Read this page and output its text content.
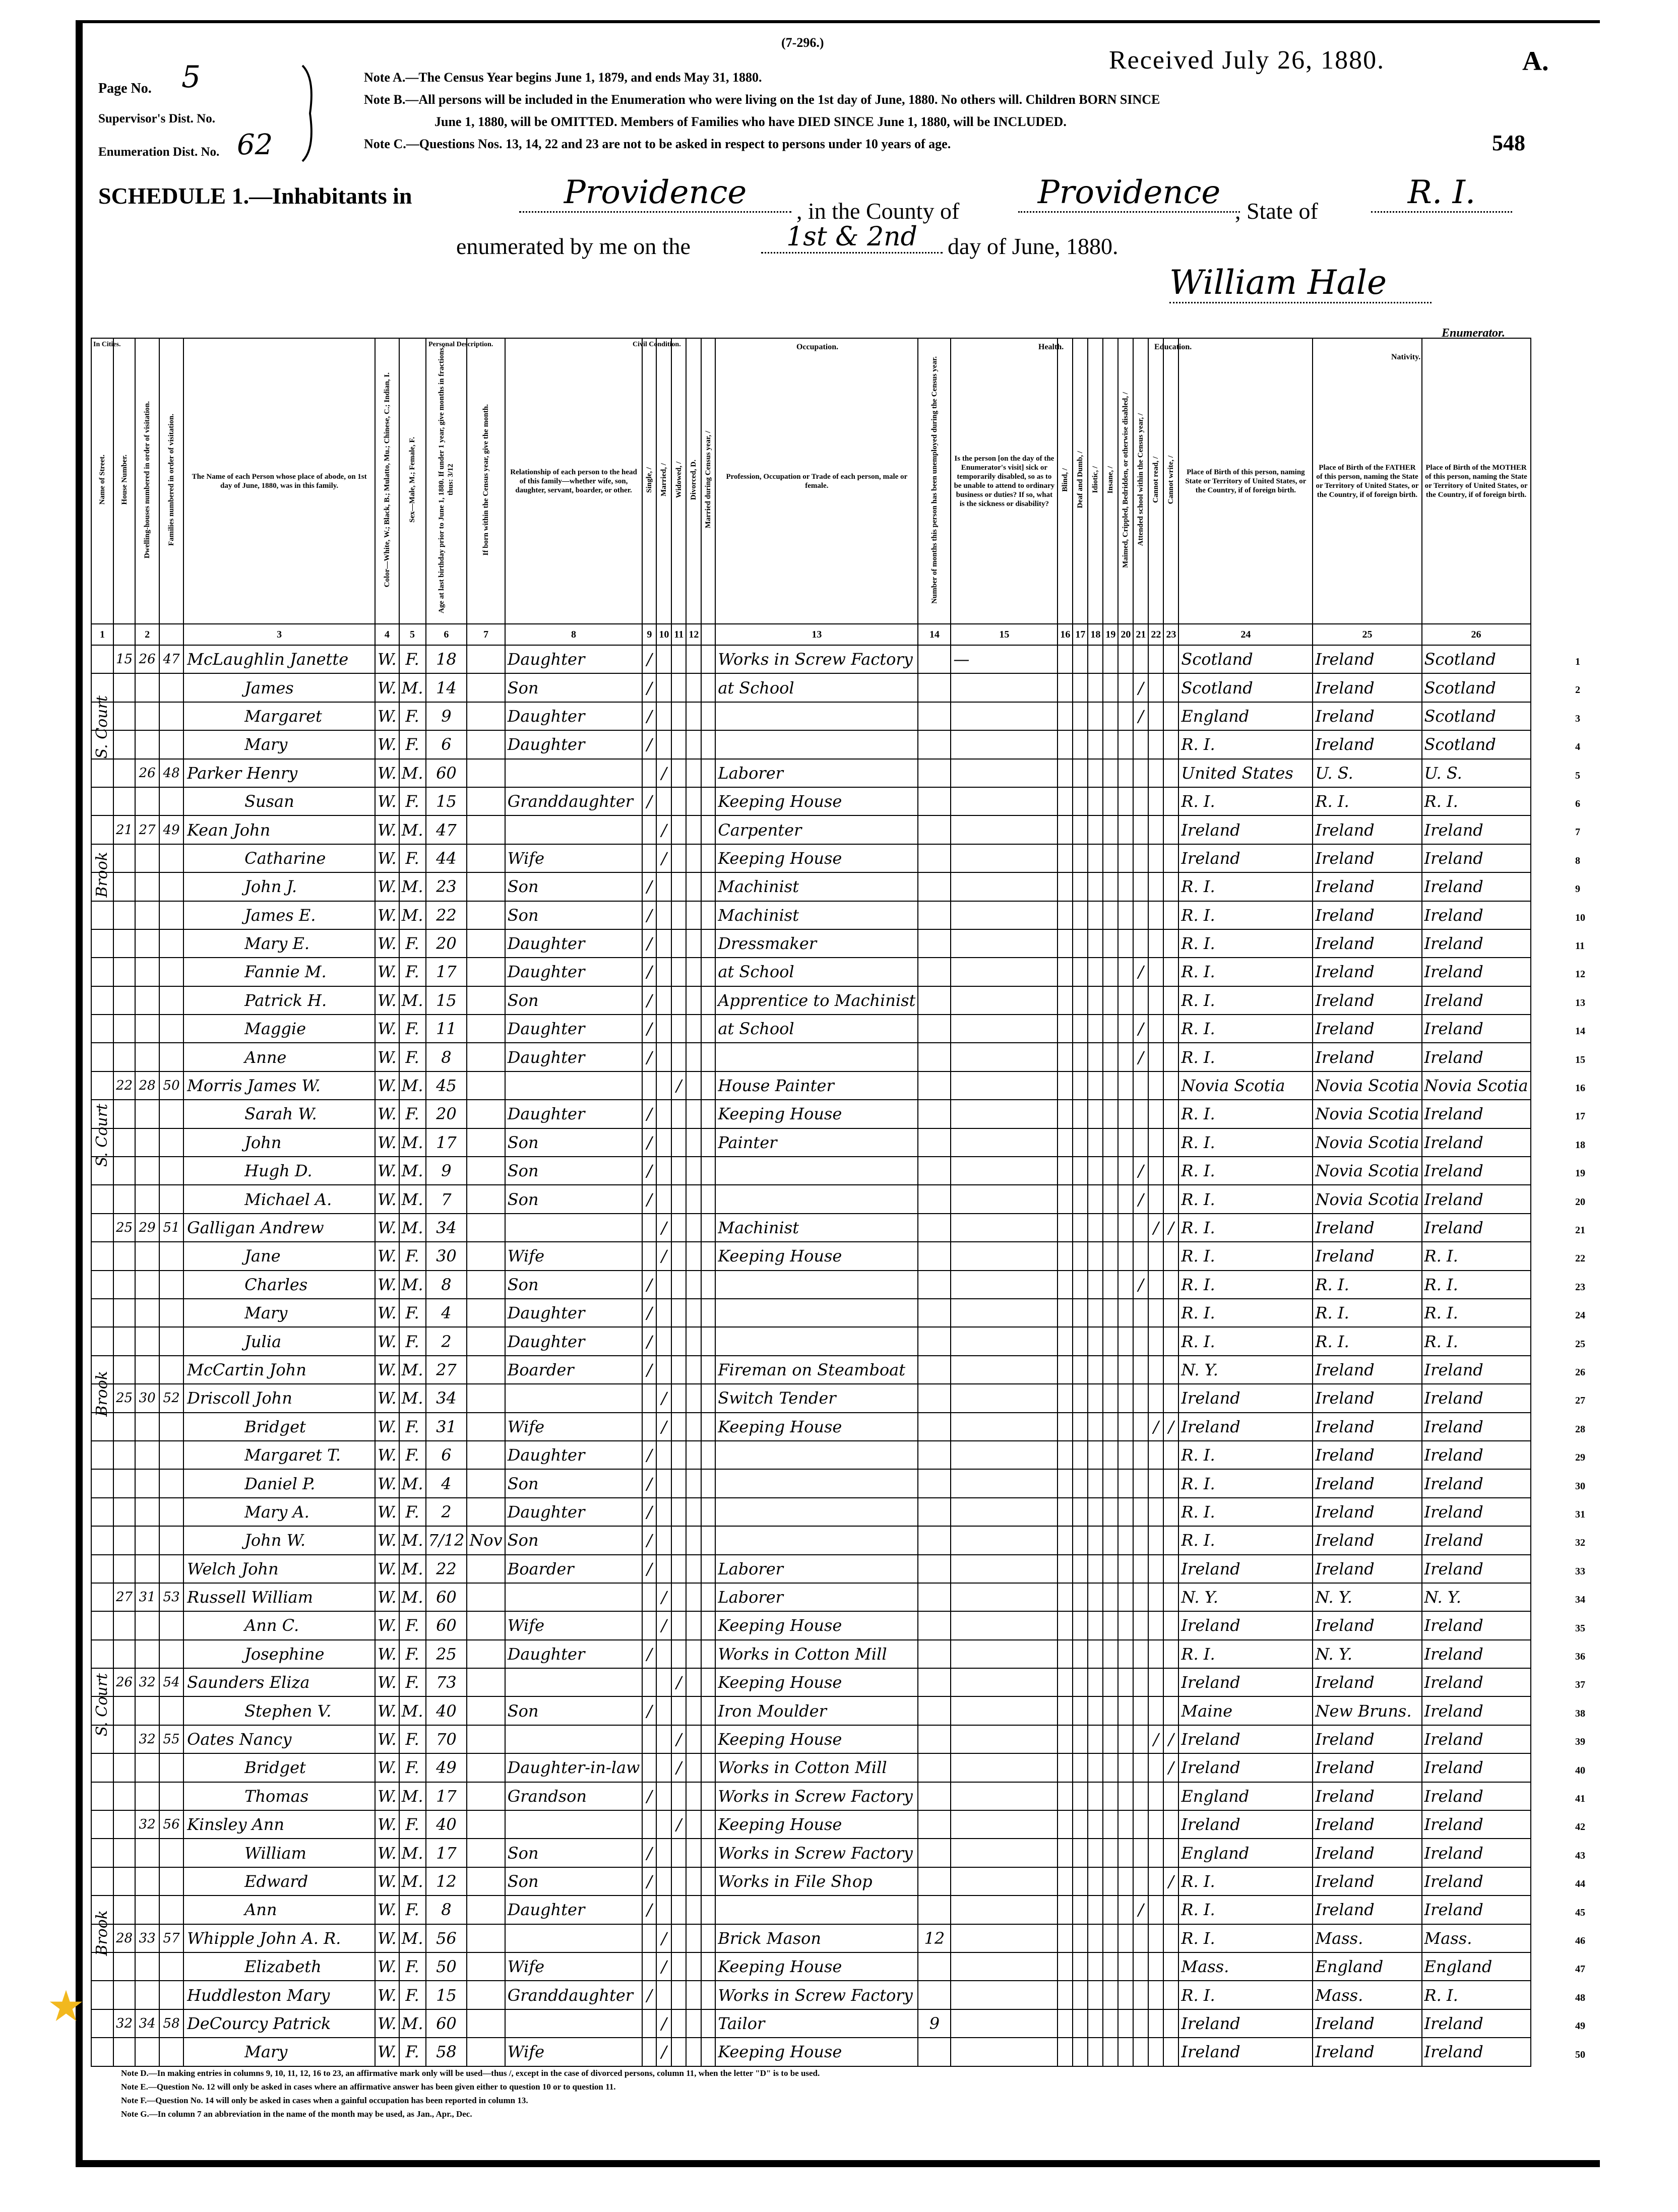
(7-296.)
Received July 26, 1880.	A.
548
Page No. 5
Supervisor's Dist. No.
Enumeration Dist. No. 62
Note A.—The Census Year begins June 1, 1879, and ends May 31, 1880.
Note B.—All persons will be included in the Enumeration who were living on the 1st day of June, 1880. No others will. Children BORN SINCE
June 1, 1880, will be OMITTED. Members of Families who have DIED SINCE June 1, 1880, will be INCLUDED.
Note C.—Questions Nos. 13, 14, 22 and 23 are not to be asked in respect to persons under 10 years of age.
SCHEDULE 1.—Inhabitants in	Providence	, in the County of	Providence , State of	R. I.
enumerated by me on the	1st & 2nd	day of June, 1880.
William Hale
Enumerator.
In Cities.	Personal Description.	Civil Condition.	Occupation.	Health.	Education.
Nativity.
Name of Street.	House Number.	Dwelling-houses numbered in order of visitation.	Families numbered in order of visitation.	The Name of each Person whose place of abode, on 1st day of June, 1880, was in this family.	Color—White, W.; Black, B.; Mulatto, Mu.; Chinese, C.; Indian, I.	Sex—Male, M.; Female, F.	Age at last birthday prior to June 1, 1880. If under 1 year, give months in fractions, thus: 3/12	If born within the Census year, give the month.	Relationship of each person to the head of this family—whether wife, son, daughter, servant, boarder, or other.	Single, /	Married, /	Widowed, /	Divorced, D.	Married during Census year, /	Profession, Occupation or Trade of each person, male or female.	Number of months this person has been unemployed during the Census year.	Is the person [on the day of the Enumerator's visit] sick or temporarily disabled, so as to be unable to attend to ordinary business or duties? If so, what is the sickness or disability?	Blind, /	Deaf and Dumb, /	Idiotic, /	Insane, /	Maimed, Crippled, Bedridden, or otherwise disabled, /	Attended school within the Census year, /	Cannot read, /	Cannot write, /	Place of Birth of this person, naming State or Territory of United States, or the Country, if of foreign birth.	Place of Birth of the FATHER of this person, naming the State or Territory of United States, or the Country, if of foreign birth.	Place of Birth of the MOTHER of this person, naming the State or Territory of United States, or the Country, if of foreign birth.
1		2		3	4	5	6	7	8	9	10	11	12		13	14	15	16	17	18	19	20	21	22	23	24	25	26
	15	26	47	McLaughlin Janette	W.	F.	18		Daughter	/					Works in Screw Factory		—									Scotland	Ireland	Scotland
				James	W.	M.	14		Son	/					at School								/			Scotland	Ireland	Scotland
				Margaret	W.	F.	9		Daughter	/													/			England	Ireland	Scotland
				Mary	W.	F.	6		Daughter	/																R. I.	Ireland	Scotland
		26	48	Parker Henry	W.	M.	60				/				Laborer											United States	U. S.	U. S.
				Susan	W.	F.	15		Granddaughter	/					Keeping House											R. I.	R. I.	R. I.
	21	27	49	Kean John	W.	M.	47				/				Carpenter											Ireland	Ireland	Ireland
				Catharine	W.	F.	44		Wife		/				Keeping House											Ireland	Ireland	Ireland
				John J.	W.	M.	23		Son	/					Machinist											R. I.	Ireland	Ireland
				James E.	W.	M.	22		Son	/					Machinist											R. I.	Ireland	Ireland
				Mary E.	W.	F.	20		Daughter	/					Dressmaker											R. I.	Ireland	Ireland
				Fannie M.	W.	F.	17		Daughter	/					at School								/			R. I.	Ireland	Ireland
				Patrick H.	W.	M.	15		Son	/					Apprentice to Machinist											R. I.	Ireland	Ireland
				Maggie	W.	F.	11		Daughter	/					at School								/			R. I.	Ireland	Ireland
				Anne	W.	F.	8		Daughter	/													/			R. I.	Ireland	Ireland
	22	28	50	Morris James W.	W.	M.	45					/			House Painter											Novia Scotia	Novia Scotia	Novia Scotia
				Sarah W.	W.	F.	20		Daughter	/					Keeping House											R. I.	Novia Scotia	Ireland
				John	W.	M.	17		Son	/					Painter											R. I.	Novia Scotia	Ireland
				Hugh D.	W.	M.	9		Son	/													/			R. I.	Novia Scotia	Ireland
				Michael A.	W.	M.	7		Son	/													/			R. I.	Novia Scotia	Ireland
	25	29	51	Galligan Andrew	W.	M.	34				/				Machinist									/	/	R. I.	Ireland	Ireland
				Jane	W.	F.	30		Wife		/				Keeping House											R. I.	Ireland	R. I.
				Charles	W.	M.	8		Son	/													/			R. I.	R. I.	R. I.
				Mary	W.	F.	4		Daughter	/																R. I.	R. I.	R. I.
				Julia	W.	F.	2		Daughter	/																R. I.	R. I.	R. I.
				McCartin John	W.	M.	27		Boarder	/					Fireman on Steamboat											N. Y.	Ireland	Ireland
	25	30	52	Driscoll John	W.	M.	34				/				Switch Tender											Ireland	Ireland	Ireland
				Bridget	W.	F.	31		Wife		/				Keeping House									/	/	Ireland	Ireland	Ireland
				Margaret T.	W.	F.	6		Daughter	/																R. I.	Ireland	Ireland
				Daniel P.	W.	M.	4		Son	/																R. I.	Ireland	Ireland
				Mary A.	W.	F.	2		Daughter	/																R. I.	Ireland	Ireland
				John W.	W.	M.	7/12	Nov	Son	/																R. I.	Ireland	Ireland
				Welch John	W.	M.	22		Boarder	/					Laborer											Ireland	Ireland	Ireland
	27	31	53	Russell William	W.	M.	60				/				Laborer											N. Y.	N. Y.	N. Y.
				Ann C.	W.	F.	60		Wife		/				Keeping House											Ireland	Ireland	Ireland
				Josephine	W.	F.	25		Daughter	/					Works in Cotton Mill											R. I.	N. Y.	Ireland
	26	32	54	Saunders Eliza	W.	F.	73					/			Keeping House											Ireland	Ireland	Ireland
				Stephen V.	W.	M.	40		Son	/					Iron Moulder											Maine	New Bruns.	Ireland
		32	55	Oates Nancy	W.	F.	70					/			Keeping House									/	/	Ireland	Ireland	Ireland
				Bridget	W.	F.	49		Daughter-in-law			/			Works in Cotton Mill										/	Ireland	Ireland	Ireland
				Thomas	W.	M.	17		Grandson	/					Works in Screw Factory											England	Ireland	Ireland
		32	56	Kinsley Ann	W.	F.	40					/			Keeping House											Ireland	Ireland	Ireland
				William	W.	M.	17		Son	/					Works in Screw Factory											England	Ireland	Ireland
				Edward	W.	M.	12		Son	/					Works in File Shop										/	R. I.	Ireland	Ireland
				Ann	W.	F.	8		Daughter	/													/			R. I.	Ireland	Ireland
	28	33	57	Whipple John A. R.	W.	M.	56				/				Brick Mason	12										R. I.	Mass.	Mass.
				Elizabeth	W.	F.	50		Wife		/				Keeping House											Mass.	England	England
				Huddleston Mary	W.	F.	15		Granddaughter	/					Works in Screw Factory											R. I.	Mass.	R. I.
	32	34	58	DeCourcy Patrick	W.	M.	60				/				Tailor	9										Ireland	Ireland	Ireland
				Mary	W.	F.	58		Wife		/				Keeping House											Ireland	Ireland	Ireland
S. Court
Brook
S. Court
Brook
S. Court
Brook
1
2
3
4
5
6
7
8
9
10
11
12
13
14
15
16
17
18
19
20
21
22
23
24
25
26
27
28
29
30
31
32
33
34
35
36
37
38
39
40
41
42
43
44
45
46
47
48
49
50
Note D.—In making entries in columns 9, 10, 11, 12, 16 to 23, an affirmative mark only will be used—thus /, except in the case of divorced persons, column 11, when the letter "D" is to be used.
Note E.—Question No. 12 will only be asked in cases where an affirmative answer has been given either to question 10 or to question 11.
Note F.—Question No. 14 will only be asked in cases when a gainful occupation has been reported in column 13.
Note G.—In column 7 an abbreviation in the name of the month may be used, as Jan., Apr., Dec.
